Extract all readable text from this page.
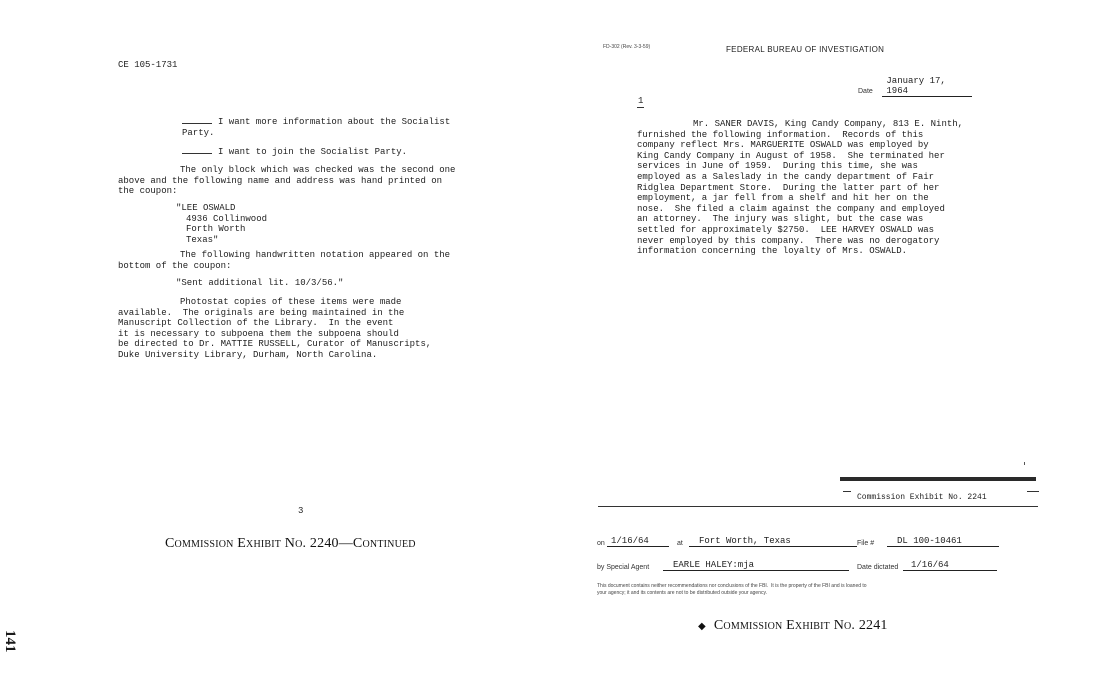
CE 105-1731
I want more information about the Socialist Party.
I want to join the Socialist Party.
The only block which was checked was the second one
above and the following name and address was hand printed on
the coupon:
"LEE OSWALD
4936 Collinwood
Forth Worth
Texas"
The following handwritten notation appeared on the
bottom of the coupon:
"Sent additional lit. 10/3/56."
Photostat copies of these items were made
available.  The originals are being maintained in the
Manuscript Collection of the Library.  In the event
it is necessary to subpoena them the subpoena should
be directed to Dr. MATTIE RUSSELL, Curator of Manuscripts,
Duke University Library, Durham, North Carolina.
3
Commission Exhibit No. 2240—Continued
141
FD-302 (Rev. 3-3-59)	FEDERAL BUREAU OF INVESTIGATION
Date January 17, 1964
1
Mr. SANER DAVIS, King Candy Company, 813 E. Ninth,
furnished the following information.  Records of this
company reflect Mrs. MARGUERITE OSWALD was employed by
King Candy Company in August of 1958.  She terminated her
services in June of 1959.  During this time, she was
employed as a Saleslady in the candy department of Fair
Ridglea Department Store.  During the latter part of her
employment, a jar fell from a shelf and hit her on the
nose.  She filed a claim against the company and employed
an attorney.  The injury was slight, but the case was
settled for approximately $2750.  LEE HARVEY OSWALD was
never employed by this company.  There was no derogatory
information concerning the loyalty of Mrs. OSWALD.
Commission Exhibit No. 2241
on 1/16/64	at	Fort Worth, Texas	File #	DL 100-10461
by Special Agent	EARLE HALEY:mja	Date dictated	1/16/64
This document contains neither recommendations nor conclusions of the FBI.  It is the property of the FBI and is loaned to
your agency; it and its contents are not to be distributed outside your agency.
◆ Commission Exhibit No. 2241
